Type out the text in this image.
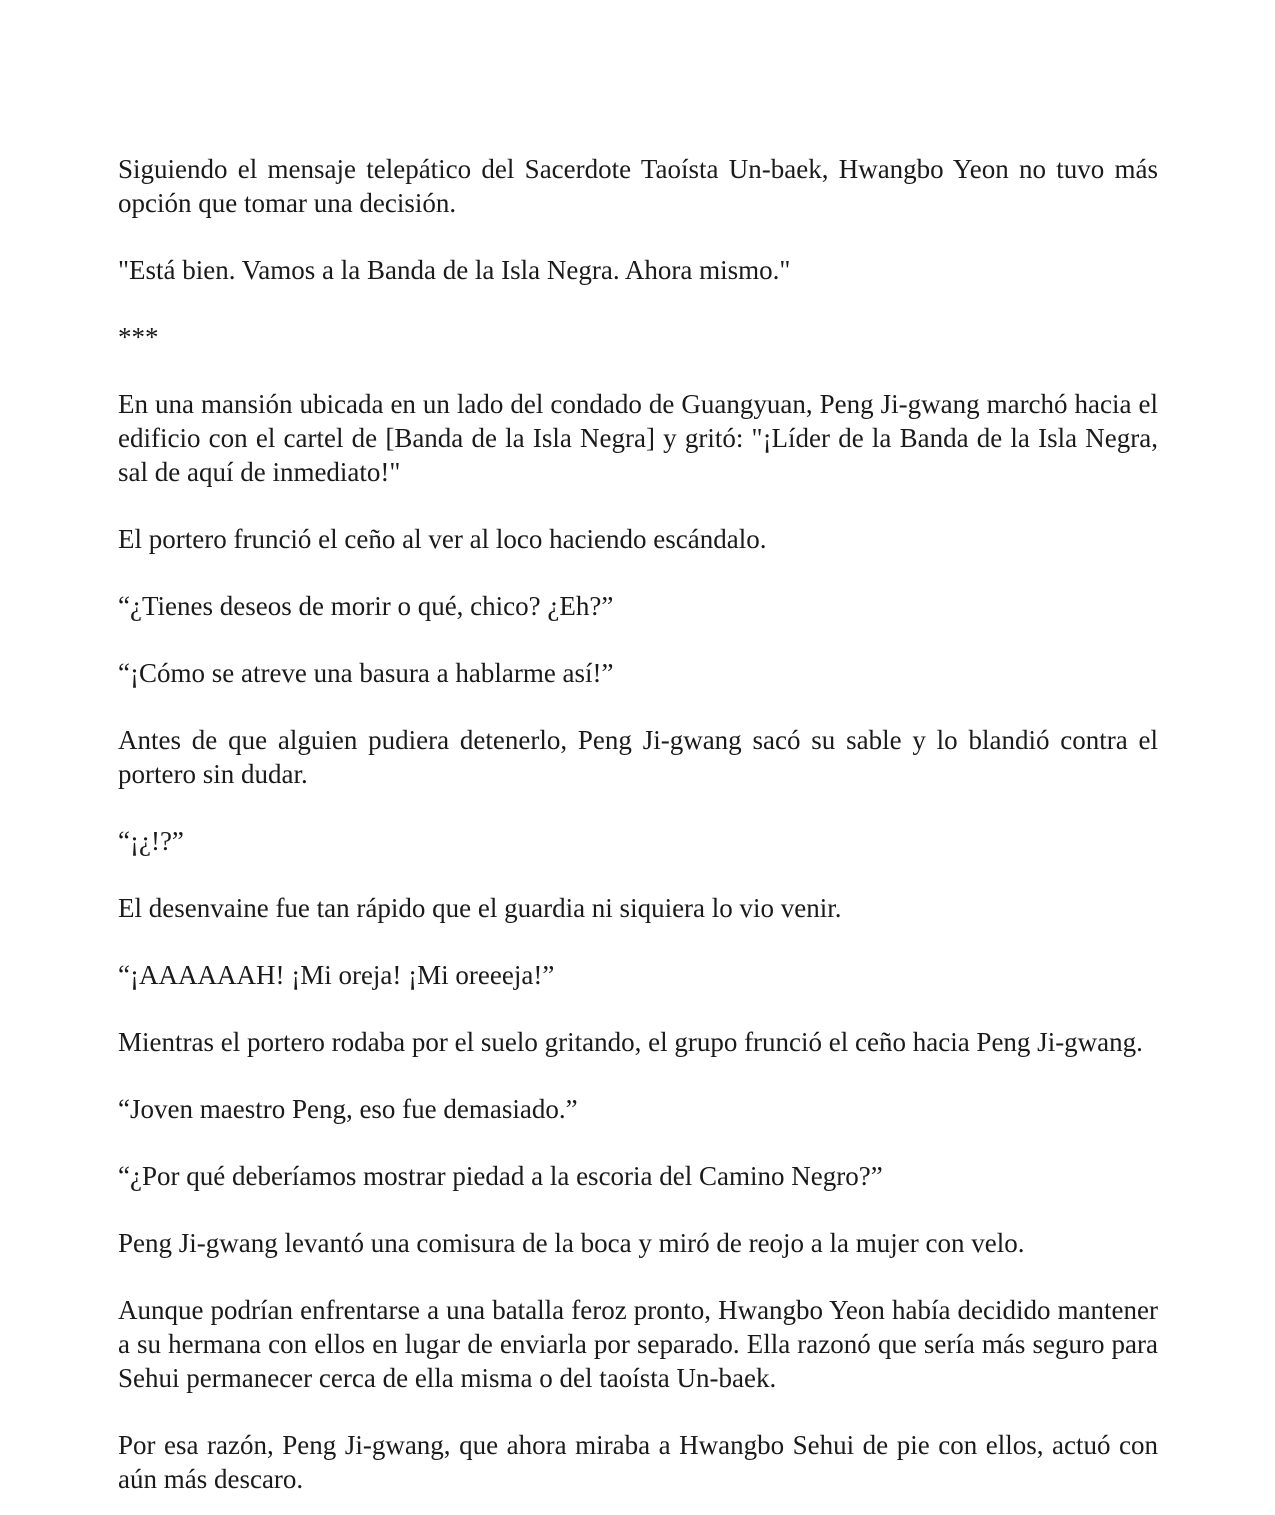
Siguiendo el mensaje telepático del Sacerdote Taoísta Un-baek, Hwangbo Yeon no tuvo más opción que tomar una decisión.

"Está bien. Vamos a la Banda de la Isla Negra. Ahora mismo."

***

En una mansión ubicada en un lado del condado de Guangyuan, Peng Ji-gwang marchó hacia el edificio con el cartel de [Banda de la Isla Negra] y gritó: "¡Líder de la Banda de la Isla Negra, sal de aquí de inmediato!"

El portero frunció el ceño al ver al loco haciendo escándalo.

“¿Tienes deseos de morir o qué, chico? ¿Eh?”

“¡Cómo se atreve una basura a hablarme así!”

Antes de que alguien pudiera detenerlo, Peng Ji-gwang sacó su sable y lo blandió contra el portero sin dudar.

“¡¿!?”

El desenvaine fue tan rápido que el guardia ni siquiera lo vio venir.

“¡AAAAAAH! ¡Mi oreja! ¡Mi oreeeja!”

Mientras el portero rodaba por el suelo gritando, el grupo frunció el ceño hacia Peng Ji-gwang.

“Joven maestro Peng, eso fue demasiado.”

“¿Por qué deberíamos mostrar piedad a la escoria del Camino Negro?”

Peng Ji-gwang levantó una comisura de la boca y miró de reojo a la mujer con velo.

Aunque podrían enfrentarse a una batalla feroz pronto, Hwangbo Yeon había decidido mantener a su hermana con ellos en lugar de enviarla por separado. Ella razonó que sería más seguro para Sehui permanecer cerca de ella misma o del taoísta Un-baek.

Por esa razón, Peng Ji-gwang, que ahora miraba a Hwangbo Sehui de pie con ellos, actuó con aún más descaro.
